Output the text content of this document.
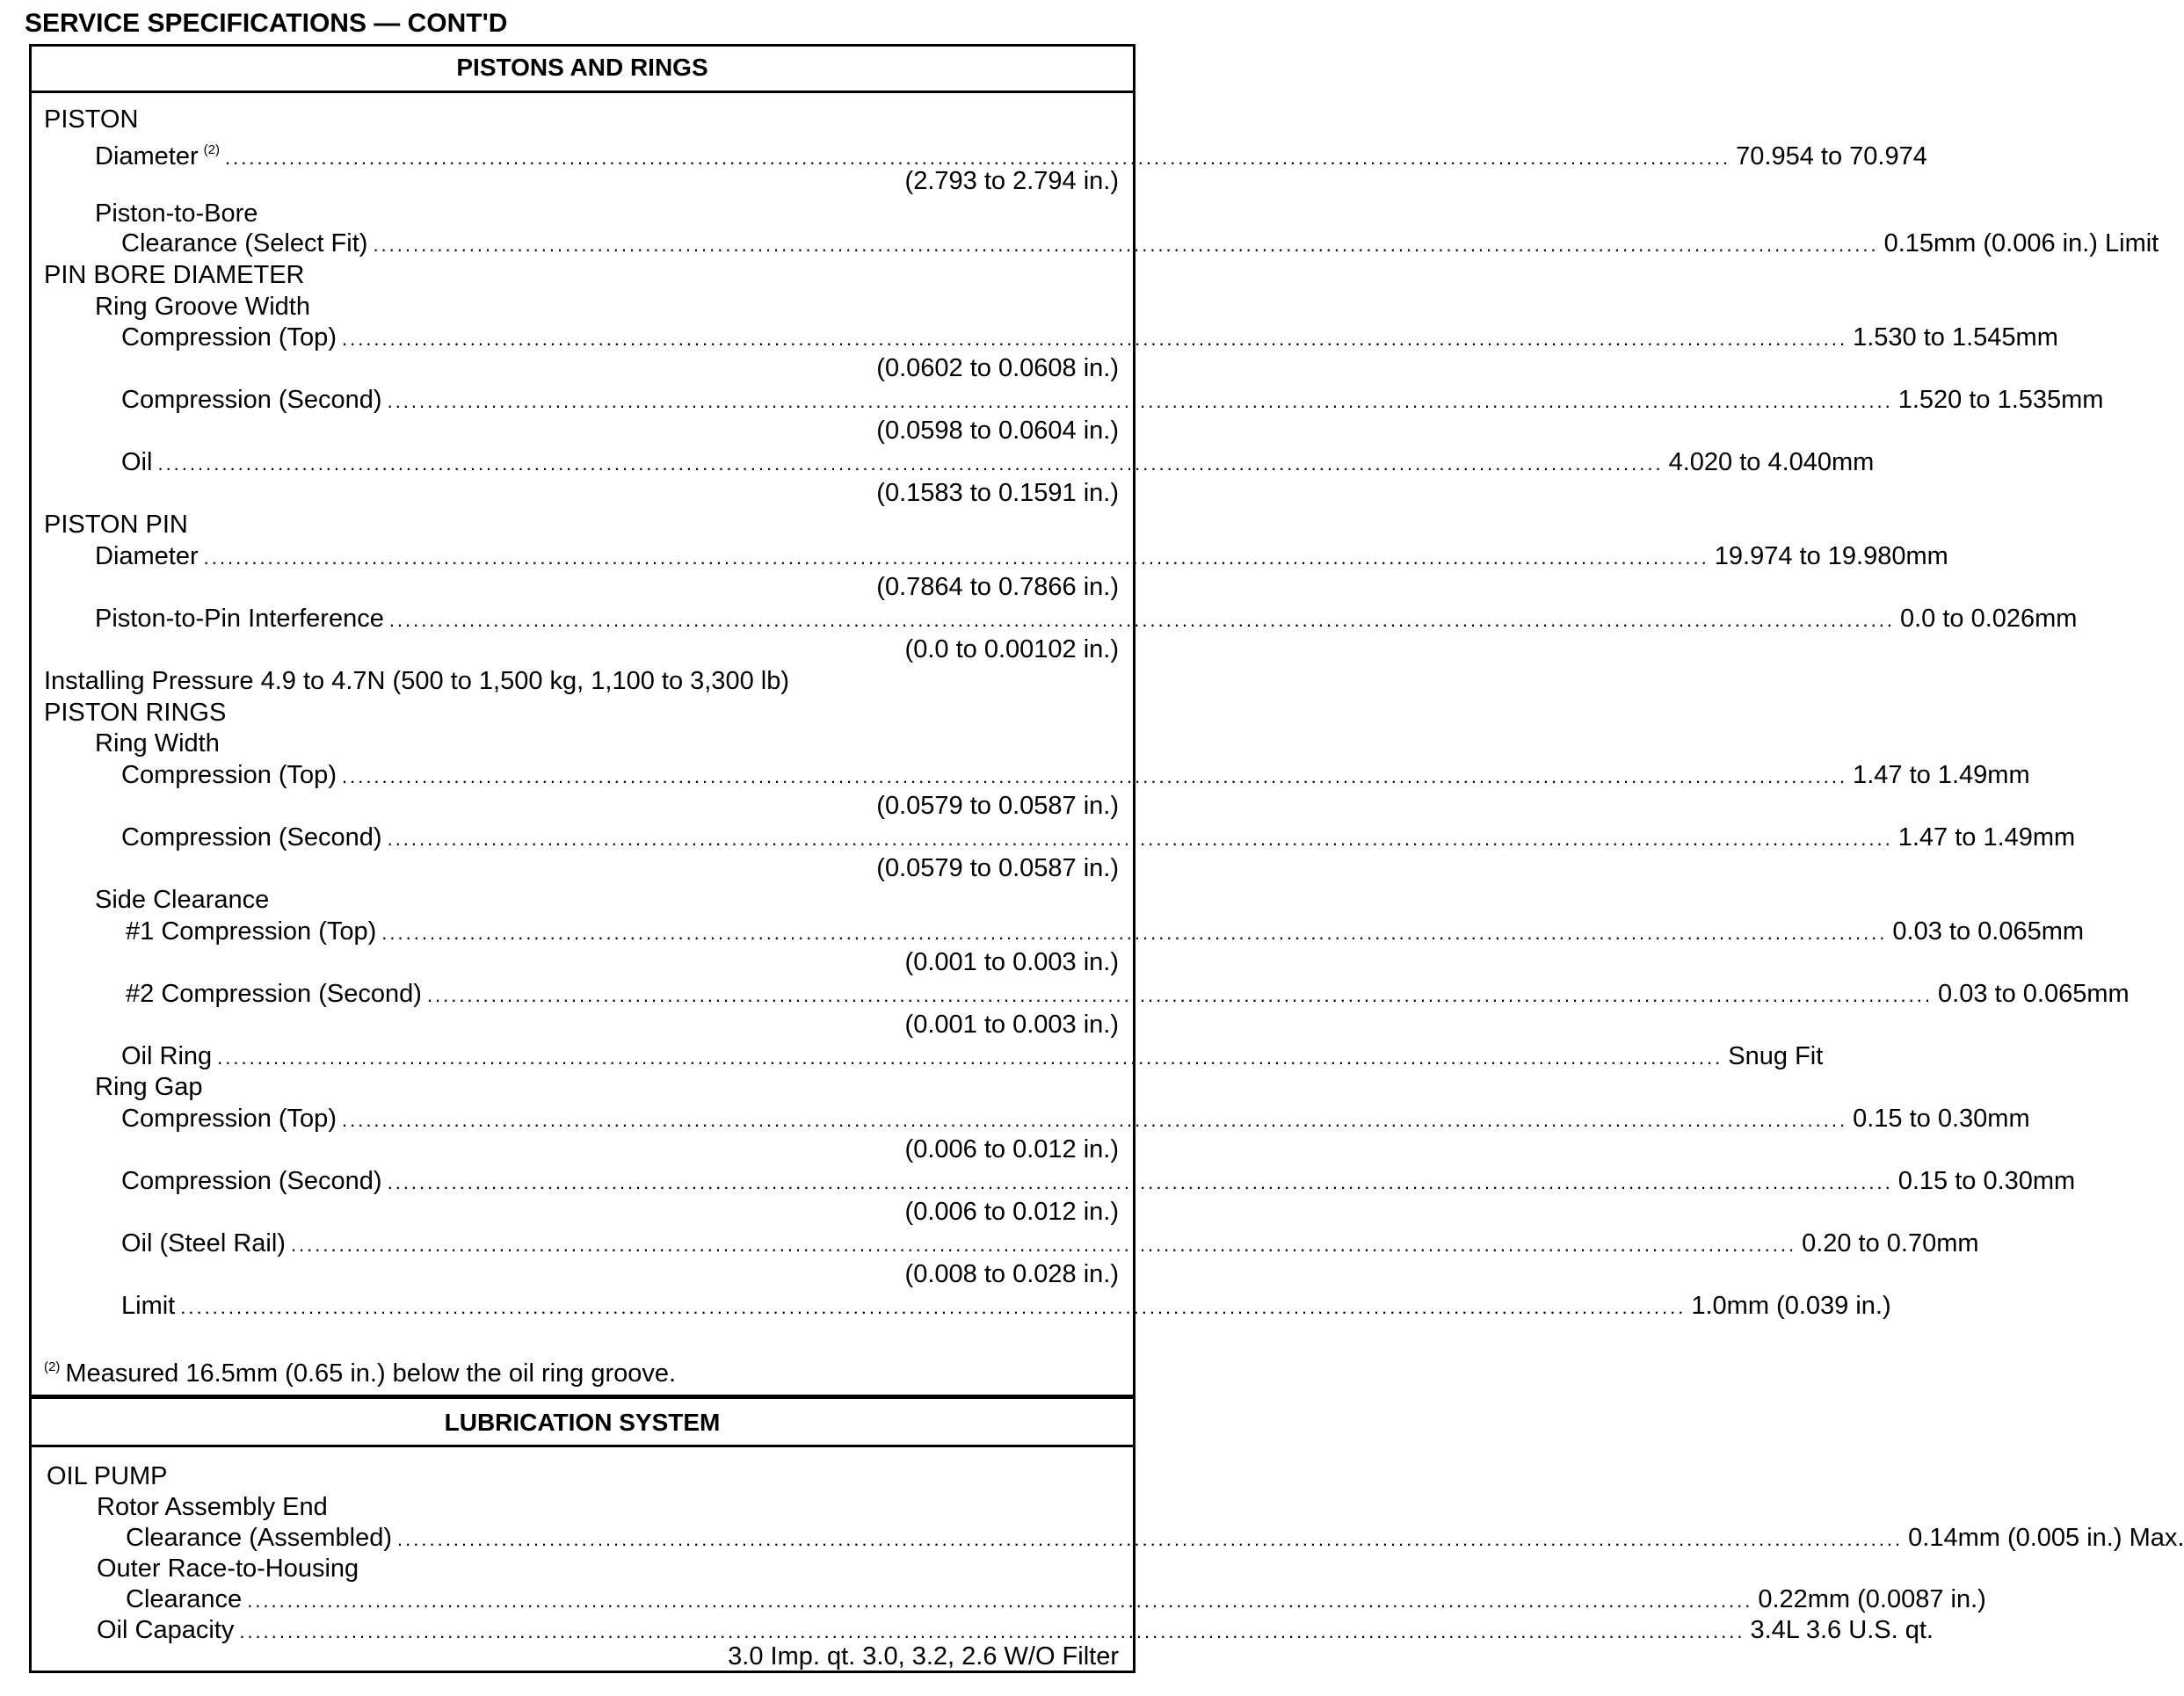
SERVICE SPECIFICATIONS — CONT'D
PISTONS AND RINGS
PISTON
Diameter $^{(2)}$ ............................................................................................................................................................................................ 70.954 to 70.974
(2.793 to 2.794 in.)
Piston-to-Bore
Clearance (Select Fit) ............................................................................................................................................................................................ 0.15mm (0.006 in.) Limit
PIN BORE DIAMETER
Ring Groove Width
Compression (Top) ............................................................................................................................................................................................ 1.530 to 1.545mm
(0.0602 to 0.0608 in.)
Compression (Second) ............................................................................................................................................................................................ 1.520 to 1.535mm
(0.0598 to 0.0604 in.)
Oil ............................................................................................................................................................................................ 4.020 to 4.040mm
(0.1583 to 0.1591 in.)
PISTON PIN
Diameter ............................................................................................................................................................................................ 19.974 to 19.980mm
(0.7864 to 0.7866 in.)
Piston-to-Pin Interference ............................................................................................................................................................................................ 0.0 to 0.026mm
(0.0 to 0.00102 in.)
Installing Pressure 4.9 to 4.7N (500 to 1,500 kg, 1,100 to 3,300 lb)
PISTON RINGS
Ring Width
Compression (Top) ............................................................................................................................................................................................ 1.47 to 1.49mm
(0.0579 to 0.0587 in.)
Compression (Second) ............................................................................................................................................................................................ 1.47 to 1.49mm
(0.0579 to 0.0587 in.)
Side Clearance
#1 Compression (Top) ............................................................................................................................................................................................ 0.03 to 0.065mm
(0.001 to 0.003 in.)
#2 Compression (Second) ............................................................................................................................................................................................ 0.03 to 0.065mm
(0.001 to 0.003 in.)
Oil Ring ............................................................................................................................................................................................ Snug Fit
Ring Gap
Compression (Top) ............................................................................................................................................................................................ 0.15 to 0.30mm
(0.006 to 0.012 in.)
Compression (Second) ............................................................................................................................................................................................ 0.15 to 0.30mm
(0.006 to 0.012 in.)
Oil (Steel Rail) ............................................................................................................................................................................................ 0.20 to 0.70mm
(0.008 to 0.028 in.)
Limit ............................................................................................................................................................................................ 1.0mm (0.039 in.)
$^{(2)}$ Measured 16.5mm (0.65 in.) below the oil ring groove.
LUBRICATION SYSTEM
OIL PUMP
Rotor Assembly End
Clearance (Assembled) ............................................................................................................................................................................................ 0.14mm (0.005 in.) Max.
Outer Race-to-Housing
Clearance ............................................................................................................................................................................................ 0.22mm (0.0087 in.)
Oil Capacity ............................................................................................................................................................................................ 3.4L 3.6 U.S. qt.
3.0 Imp. qt. 3.0, 3.2, 2.6 W/O Filter
